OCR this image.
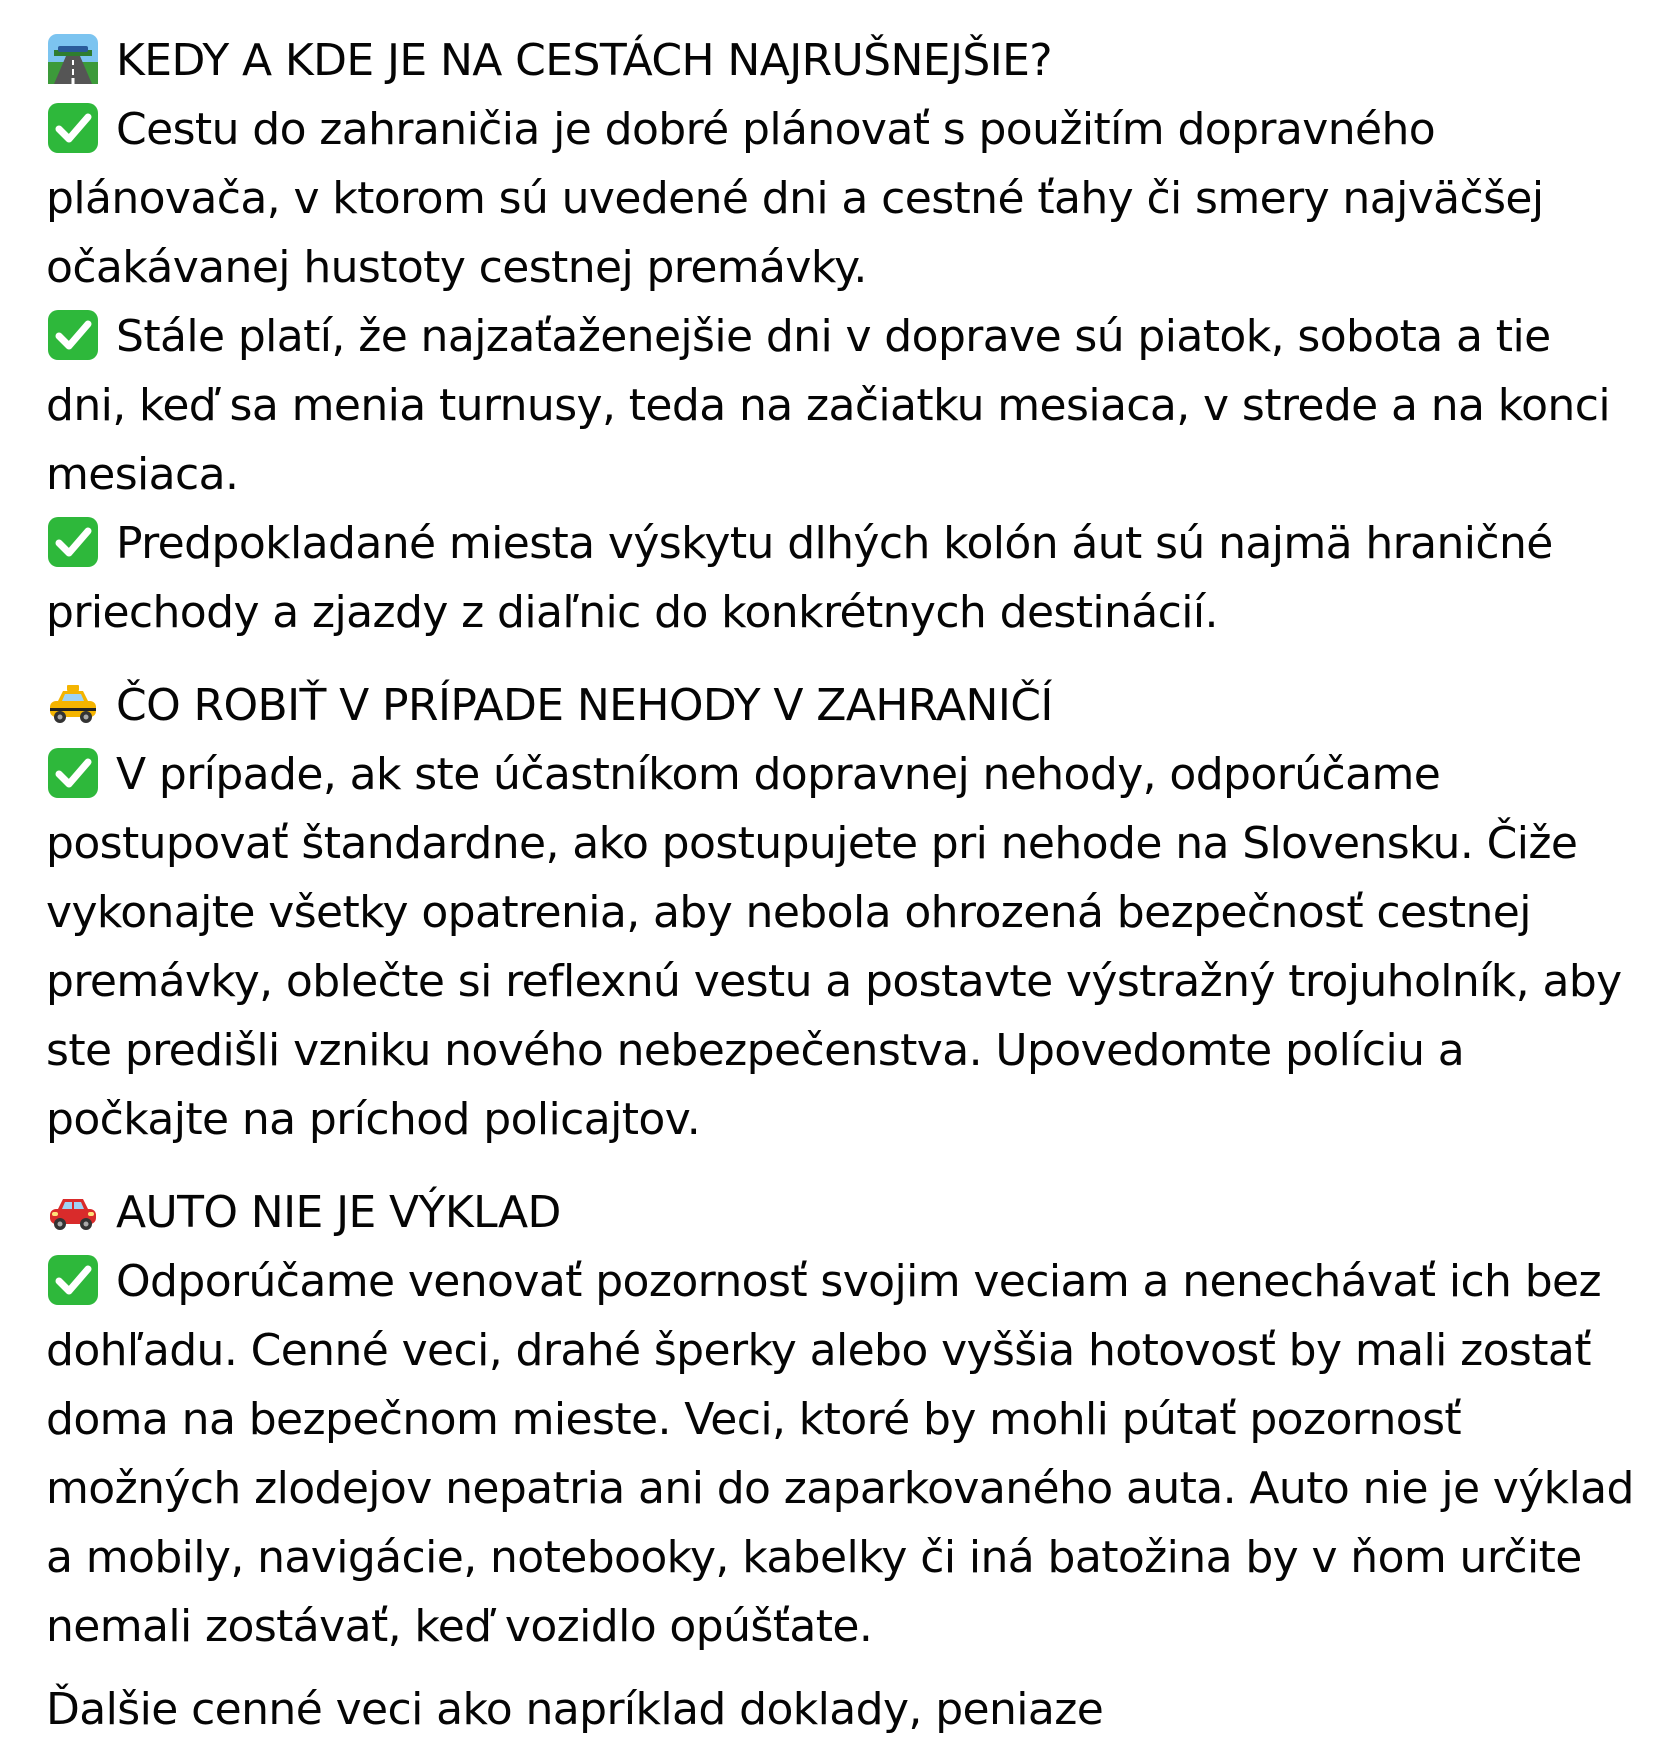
KEDY A KDE JE NA CESTÁCH NAJRUŠNEJŠIE?
Cestu do zahraničia je dobré plánovať s použitím dopravného plánovača, v ktorom sú uvedené dni a cestné ťahy či smery najväčšej očakávanej hustoty cestnej premávky.
Stále platí, že najzaťaženejšie dni v doprave sú piatok, sobota a tie dni, keď sa menia turnusy, teda na začiatku mesiaca, v strede a na konci mesiaca.
Predpokladané miesta výskytu dlhých kolón áut sú najmä hraničné priechody a zjazdy z diaľnic do konkrétnych destinácií.
ČO ROBIŤ V PRÍPADE NEHODY V ZAHRANIČÍ
V prípade, ak ste účastníkom dopravnej nehody, odporúčame postupovať štandardne, ako postupujete pri nehode na Slovensku. Čiže vykonajte všetky opatrenia, aby nebola ohrozená bezpečnosť cestnej premávky, oblečte si reflexnú vestu a postavte výstražný trojuholník, aby ste predišli vzniku nového nebezpečenstva. Upovedomte políciu a počkajte na príchod policajtov.
AUTO NIE JE VÝKLAD
Odporúčame venovať pozornosť svojim veciam a nenechávať ich bez dohľadu. Cenné veci, drahé šperky alebo vyššia hotovosť by mali zostať doma na bezpečnom mieste. Veci, ktoré by mohli pútať pozornosť možných zlodejov nepatria ani do zaparkovaného auta. Auto nie je výklad a mobily, navigácie, notebooky, kabelky či iná batožina by v ňom určite nemali zostávať, keď vozidlo opúšťate.
Ďalšie cenné veci ako napríklad doklady, peniaze
